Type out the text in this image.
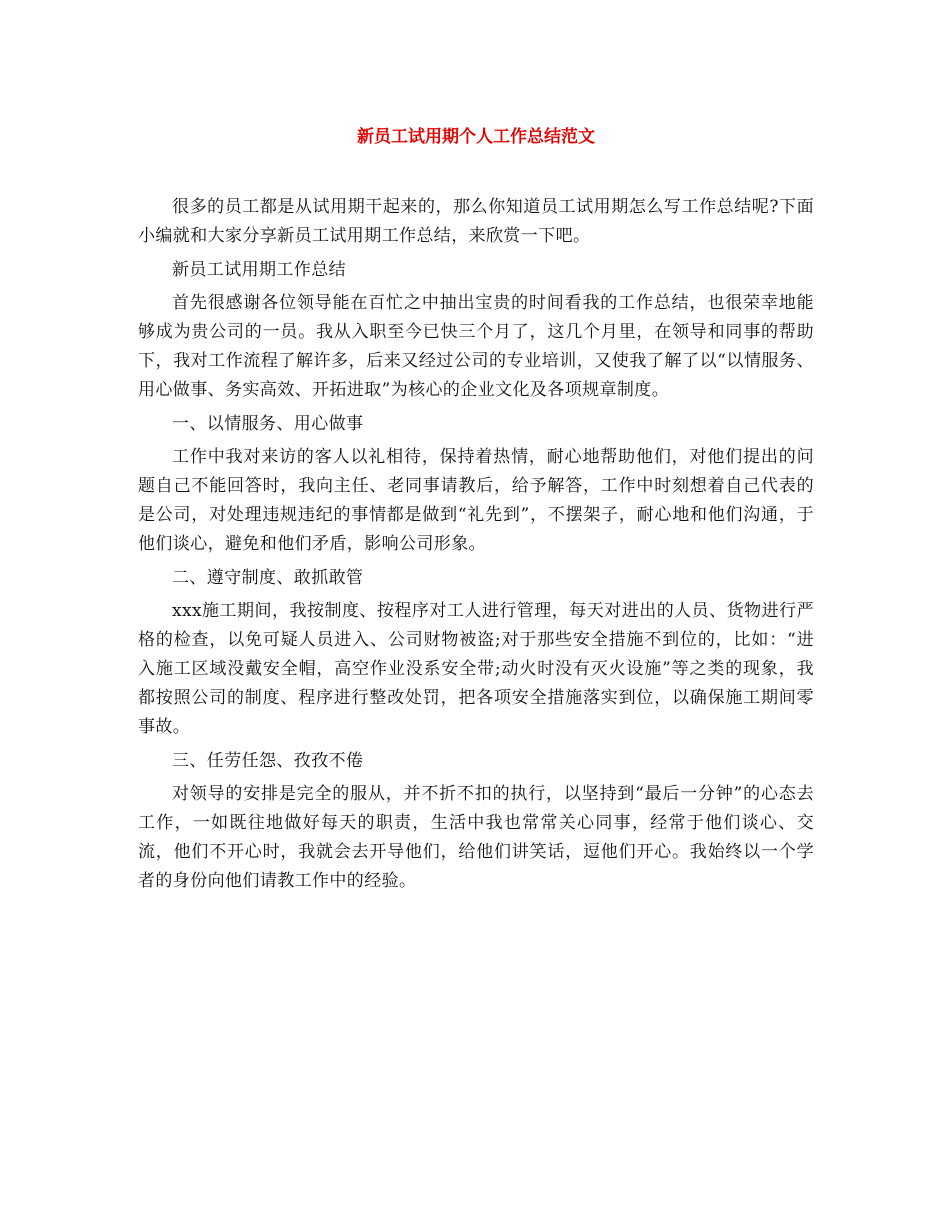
新员工试用期个人工作总结范文

很多的员工都是从试用期干起来的，那么你知道员工试用期怎么写工作总结呢?下面小编就和大家分享新员工试用期工作总结，来欣赏一下吧。

新员工试用期工作总结

首先很感谢各位领导能在百忙之中抽出宝贵的时间看我的工作总结，也很荣幸地能够成为贵公司的一员。我从入职至今已快三个月了，这几个月里，在领导和同事的帮助下，我对工作流程了解许多，后来又经过公司的专业培训，又使我了解了以“以情服务、用心做事、务实高效、开拓进取”为核心的企业文化及各项规章制度。

一、以情服务、用心做事

工作中我对来访的客人以礼相待，保持着热情，耐心地帮助他们，对他们提出的问题自己不能回答时，我向主任、老同事请教后，给予解答，工作中时刻想着自己代表的是公司，对处理违规违纪的事情都是做到“礼先到”，不摆架子，耐心地和他们沟通，于他们谈心，避免和他们矛盾，影响公司形象。

二、遵守制度、敢抓敢管

xxx施工期间，我按制度、按程序对工人进行管理，每天对进出的人员、货物进行严格的检查，以免可疑人员进入、公司财物被盗;对于那些安全措施不到位的，比如：“进入施工区域没戴安全帽，高空作业没系安全带;动火时没有灭火设施”等之类的现象，我都按照公司的制度、程序进行整改处罚，把各项安全措施落实到位，以确保施工期间零事故。

三、任劳任怨、孜孜不倦

对领导的安排是完全的服从，并不折不扣的执行，以坚持到“最后一分钟”的心态去工作，一如既往地做好每天的职责，生活中我也常常关心同事，经常于他们谈心、交流，他们不开心时，我就会去开导他们，给他们讲笑话，逗他们开心。我始终以一个学者的身份向他们请教工作中的经验。
